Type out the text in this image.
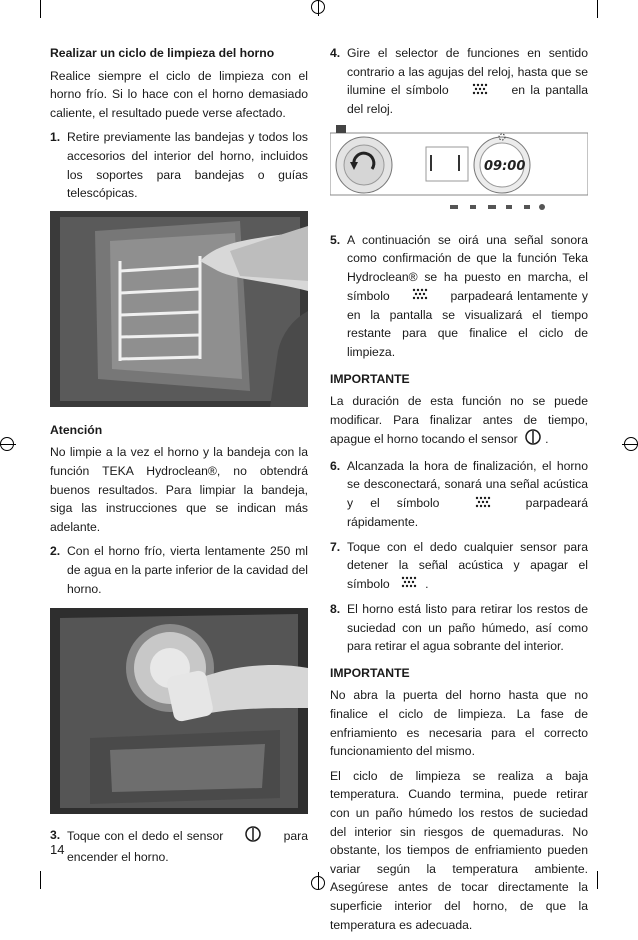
Realizar un ciclo de limpieza del horno

Realice siempre el ciclo de limpieza con el horno frío. Si lo hace con el horno demasiado caliente, el resultado puede verse afectado.

1. Retire previamente las bandejas y todos los accesorios del interior del horno, incluidos los soportes para bandejas o guías telescópicas.
Atención

No limpie a la vez el horno y la bandeja con la función TEKA Hydroclean®, no obtendrá buenos resultados. Para limpiar la bandeja, siga las instrucciones que se indican más adelante.

2. Con el horno frío, vierta lentamente 250 ml de agua en la parte inferior de la cavidad del horno.
3. Toque con el dedo el sensor	para encender el horno.
4. Gire el selector de funciones en sentido contrario a las agujas del reloj, hasta que se ilumine el símbolo	en la pantalla del reloj.
09:00
5. A continuación se oirá una señal sonora como confirmación de que la función Teka Hydroclean® se ha puesto en marcha, el símbolo	parpadeará lentamente y en la pantalla se visualizará el tiempo restante para que finalice el ciclo de limpieza.
IMPORTANTE

La duración de esta función no se puede modificar. Para finalizar antes de tiempo, apague el horno tocando el sensor .

6. Alcanzada la hora de finalización, el horno se desconectará, sonará una señal acústica y el símbolo	parpadeará rápidamente.
7. Toque con el dedo cualquier sensor para detener la señal acústica y apagar el símbolo	.
8. El horno está listo para retirar los restos de suciedad con un paño húmedo, así como para retirar el agua sobrante del interior.
IMPORTANTE

No abra la puerta del horno hasta que no finalice el ciclo de limpieza. La fase de enfriamiento es necesaria para el correcto funcionamiento del mismo.

El ciclo de limpieza se realiza a baja temperatura. Cuando termina, puede retirar con un paño húmedo los restos de suciedad del interior sin riesgos de quemaduras. No obstante, los tiempos de enfriamiento pueden variar según la temperatura ambiente. Asegúrese antes de tocar directamente la superficie interior del horno, de que la temperatura es adecuada.

14
